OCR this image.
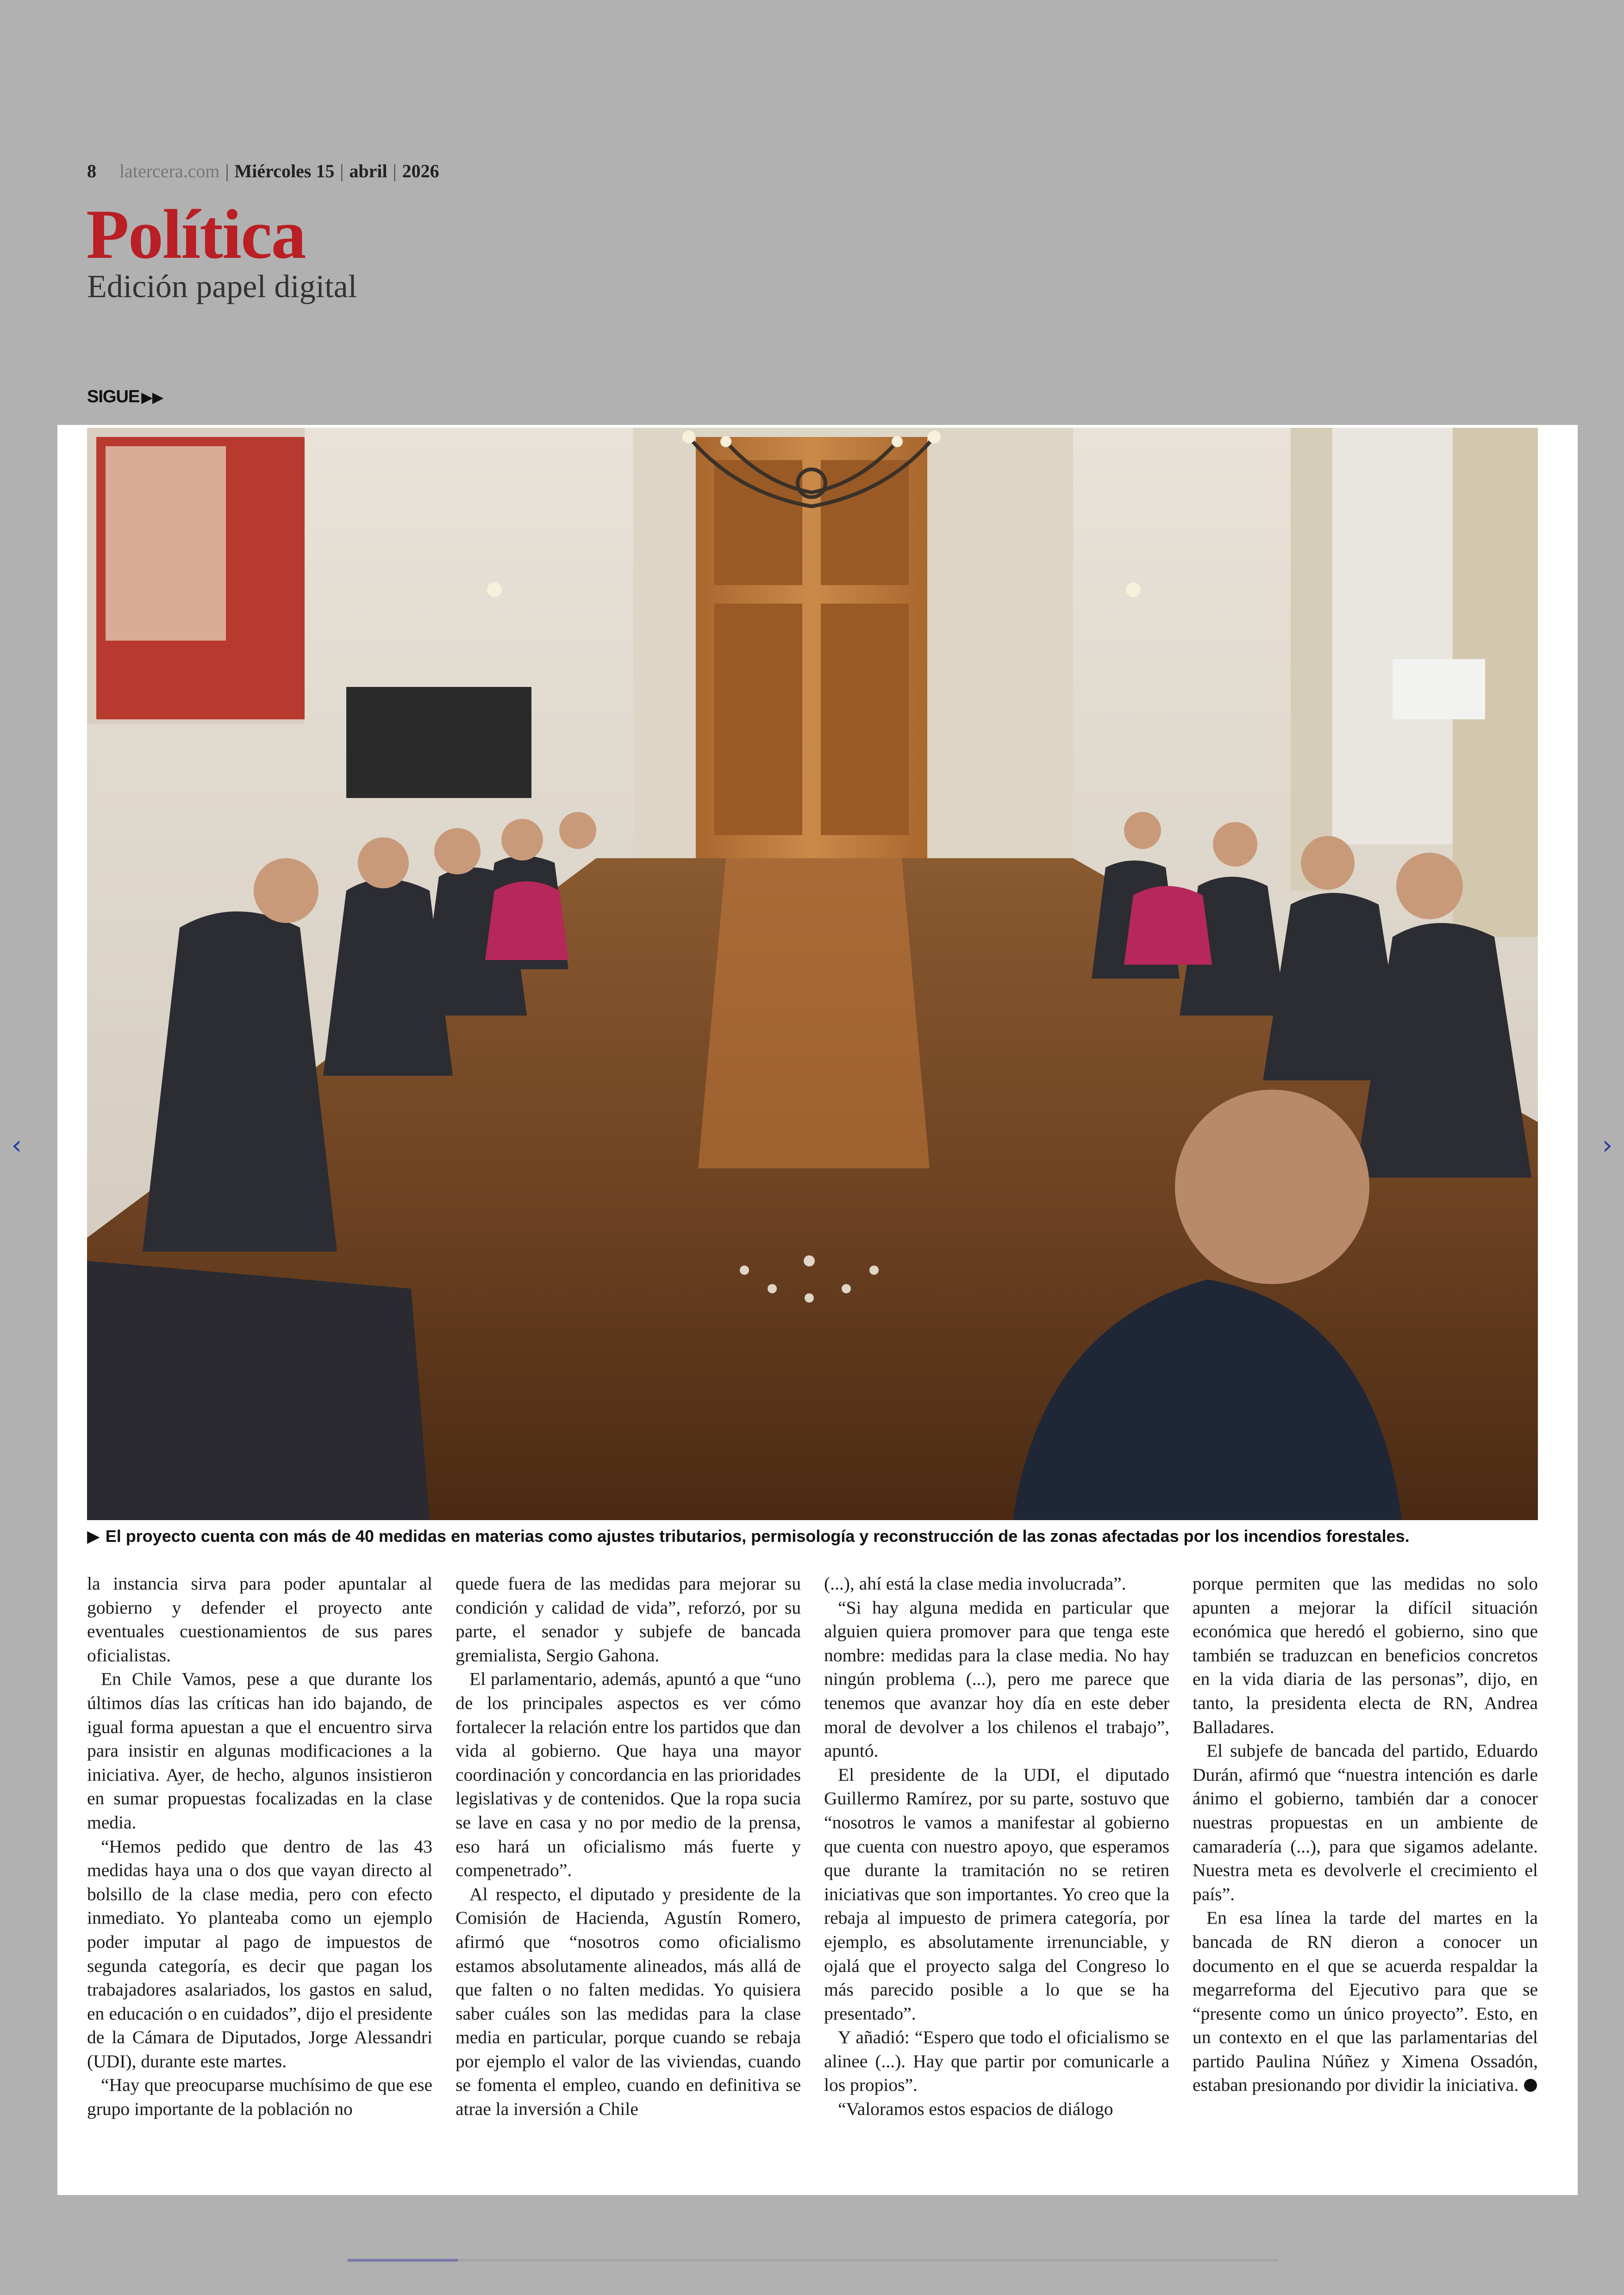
8 latercera.com | Miércoles 15 | abril | 2026
Política
Edición papel digital
SIGUE ▶▶
‹	›
▶ El proyecto cuenta con más de 40 medidas en materias como ajustes tributarios, permisología y reconstrucción de las zonas afectadas por los incendios forestales.

la instancia sirva para poder apuntalar al gobierno y defender el proyecto ante eventuales cuestionamientos de sus pares oficialistas.

En Chile Vamos, pese a que durante los últimos días las críticas han ido bajando, de igual forma apuestan a que el encuentro sirva para insistir en algunas modificaciones a la iniciativa. Ayer, de hecho, algunos insistieron en sumar propuestas focalizadas en la clase media.

“Hemos pedido que dentro de las 43 medidas haya una o dos que vayan directo al bolsillo de la clase media, pero con efecto inmediato. Yo planteaba como un ejemplo poder imputar al pago de impuestos de segunda categoría, es decir que pagan los trabajadores asalariados, los gastos en salud, en educación o en cuidados”, dijo el presidente de la Cámara de Diputados, Jorge Alessandri (UDI), durante este martes.

“Hay que preocuparse muchísimo de que ese grupo importante de la población no

quede fuera de las medidas para mejorar su condición y calidad de vida”, reforzó, por su parte, el senador y subjefe de bancada gremialista, Sergio Gahona.

El parlamentario, además, apuntó a que “uno de los principales aspectos es ver cómo fortalecer la relación entre los partidos que dan vida al gobierno. Que haya una mayor coordinación y concordancia en las prioridades legislativas y de contenidos. Que la ropa sucia se lave en casa y no por medio de la prensa, eso hará un oficialismo más fuerte y compenetrado”.

Al respecto, el diputado y presidente de la Comisión de Hacienda, Agustín Romero, afirmó que “nosotros como oficialismo estamos absolutamente alineados, más allá de que falten o no falten medidas. Yo quisiera saber cuáles son las medidas para la clase media en particular, porque cuando se rebaja por ejemplo el valor de las viviendas, cuando se fomenta el empleo, cuando en definitiva se atrae la inversión a Chile

(...), ahí está la clase media involucrada”.

“Si hay alguna medida en particular que alguien quiera promover para que tenga este nombre: medidas para la clase media. No hay ningún problema (...), pero me parece que tenemos que avanzar hoy día en este deber moral de devolver a los chilenos el trabajo”, apuntó.

El presidente de la UDI, el diputado Guillermo Ramírez, por su parte, sostuvo que “nosotros le vamos a manifestar al gobierno que cuenta con nuestro apoyo, que esperamos que durante la tramitación no se retiren iniciativas que son importantes. Yo creo que la rebaja al impuesto de primera categoría, por ejemplo, es absolutamente irrenunciable, y ojalá que el proyecto salga del Congreso lo más parecido posible a lo que se ha presentado”.

Y añadió: “Espero que todo el oficialismo se alinee (...). Hay que partir por comunicarle a los propios”.

“Valoramos estos espacios de diálogo

porque permiten que las medidas no solo apunten a mejorar la difícil situación económica que heredó el gobierno, sino que también se traduzcan en beneficios concretos en la vida diaria de las personas”, dijo, en tanto, la presidenta electa de RN, Andrea Balladares.

El subjefe de bancada del partido, Eduardo Durán, afirmó que “nuestra intención es darle ánimo el gobierno, también dar a conocer nuestras propuestas en un ambiente de camaradería (...), para que sigamos adelante. Nuestra meta es devolverle el crecimiento el país”.

En esa línea la tarde del martes en la bancada de RN dieron a conocer un documento en el que se acuerda respaldar la megarreforma del Ejecutivo para que se “presente como un único proyecto”. Esto, en un contexto en el que las parlamentarias del partido Paulina Núñez y Ximena Ossadón, estaban presionando por dividir la iniciativa.
